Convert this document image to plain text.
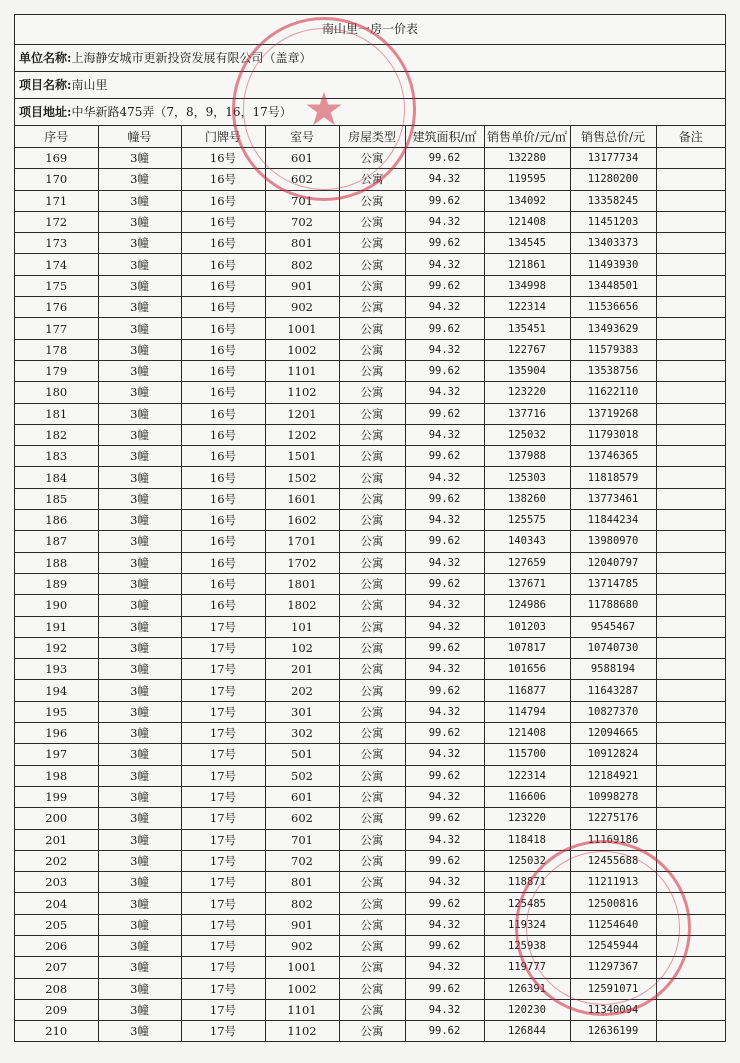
南山里一房一价表
单位名称:上海静安城市更新投资发展有限公司（盖章）
项目名称:南山里
项目地址:中华新路475弄（7，8，9，16，17号）
序号	幢号	门牌号	室号	房屋类型	建筑面积/㎡	销售单价/元/㎡	销售总价/元	备注
169	3幢	16号	601	公寓	99.62	132280	13177734	
170	3幢	16号	602	公寓	94.32	119595	11280200	
171	3幢	16号	701	公寓	99.62	134092	13358245	
172	3幢	16号	702	公寓	94.32	121408	11451203	
173	3幢	16号	801	公寓	99.62	134545	13403373	
174	3幢	16号	802	公寓	94.32	121861	11493930	
175	3幢	16号	901	公寓	99.62	134998	13448501	
176	3幢	16号	902	公寓	94.32	122314	11536656	
177	3幢	16号	1001	公寓	99.62	135451	13493629	
178	3幢	16号	1002	公寓	94.32	122767	11579383	
179	3幢	16号	1101	公寓	99.62	135904	13538756	
180	3幢	16号	1102	公寓	94.32	123220	11622110	
181	3幢	16号	1201	公寓	99.62	137716	13719268	
182	3幢	16号	1202	公寓	94.32	125032	11793018	
183	3幢	16号	1501	公寓	99.62	137988	13746365	
184	3幢	16号	1502	公寓	94.32	125303	11818579	
185	3幢	16号	1601	公寓	99.62	138260	13773461	
186	3幢	16号	1602	公寓	94.32	125575	11844234	
187	3幢	16号	1701	公寓	99.62	140343	13980970	
188	3幢	16号	1702	公寓	94.32	127659	12040797	
189	3幢	16号	1801	公寓	99.62	137671	13714785	
190	3幢	16号	1802	公寓	94.32	124986	11788680	
191	3幢	17号	101	公寓	94.32	101203	9545467	
192	3幢	17号	102	公寓	99.62	107817	10740730	
193	3幢	17号	201	公寓	94.32	101656	9588194	
194	3幢	17号	202	公寓	99.62	116877	11643287	
195	3幢	17号	301	公寓	94.32	114794	10827370	
196	3幢	17号	302	公寓	99.62	121408	12094665	
197	3幢	17号	501	公寓	94.32	115700	10912824	
198	3幢	17号	502	公寓	99.62	122314	12184921	
199	3幢	17号	601	公寓	94.32	116606	10998278	
200	3幢	17号	602	公寓	99.62	123220	12275176	
201	3幢	17号	701	公寓	94.32	118418	11169186	
202	3幢	17号	702	公寓	99.62	125032	12455688	
203	3幢	17号	801	公寓	94.32	118871	11211913	
204	3幢	17号	802	公寓	99.62	125485	12500816	
205	3幢	17号	901	公寓	94.32	119324	11254640	
206	3幢	17号	902	公寓	99.62	125938	12545944	
207	3幢	17号	1001	公寓	94.32	119777	11297367	
208	3幢	17号	1002	公寓	99.62	126391	12591071	
209	3幢	17号	1101	公寓	94.32	120230	11340094	
210	3幢	17号	1102	公寓	99.62	126844	12636199	
★
